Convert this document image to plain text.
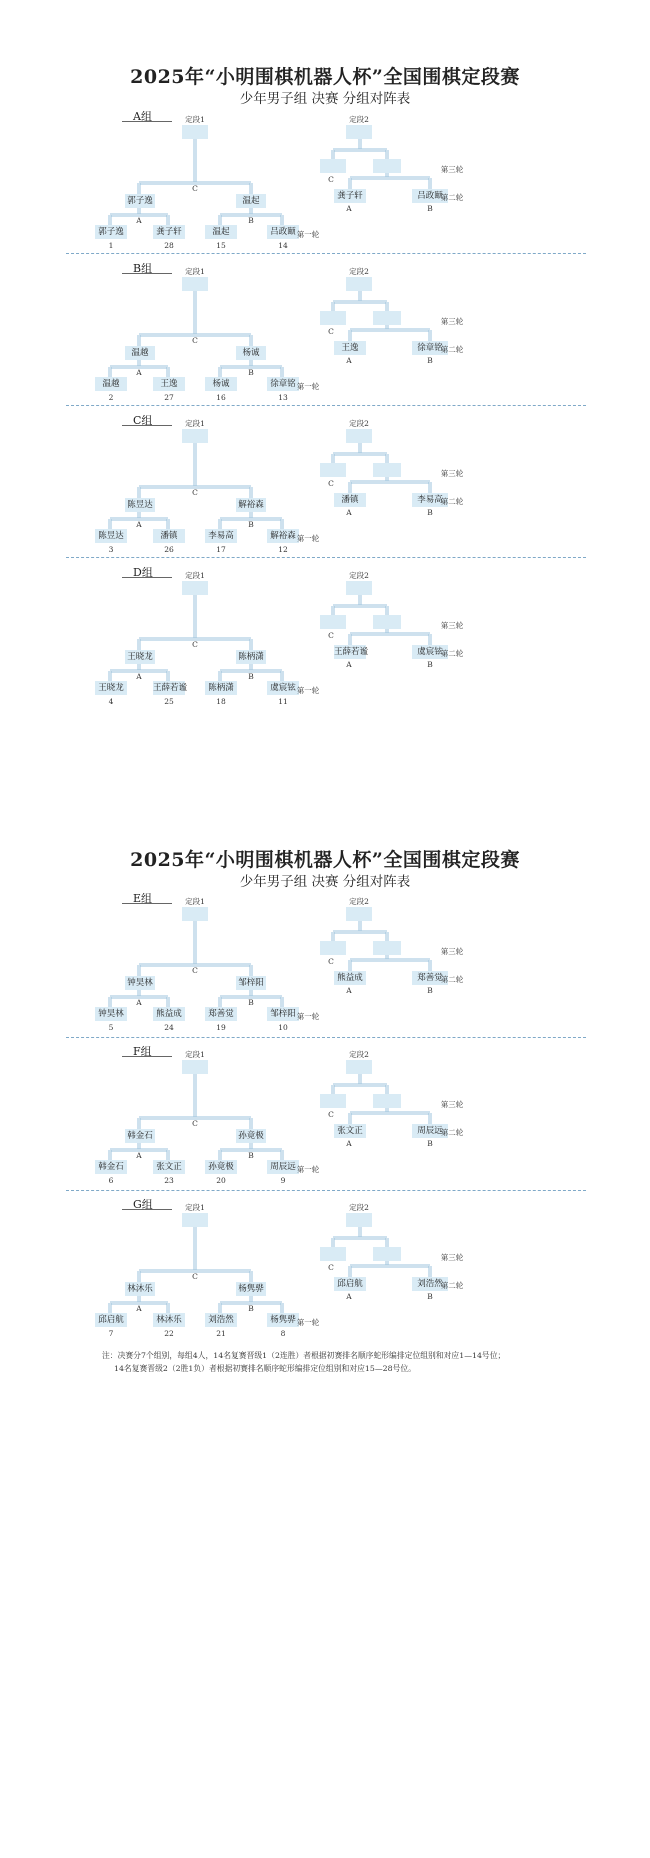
2025年“小明围棋机器人杯”全国围棋定段赛
少年男子组 决赛 分组对阵表
2025年“小明围棋机器人杯”全国围棋定段赛
少年男子组 决赛 分组对阵表
A组	定段1
C
郭子逸	温起
A	B
郭子逸
1
龚子轩
28
温起
15
吕政颐
14
第一轮
定段2
C
第三轮
龚子轩	吕政颐
A	B
第二轮
B组	定段1
C
温越	杨诚
A	B
温越
2
王逸
27
杨诚
16
徐章铭
13
第一轮
定段2
C
第三轮
王逸	徐章铭
A	B
第二轮
C组	定段1
C
陈昱达	解裕森
A	B
陈昱达
3
潘镇
26
李易高
17
解裕森
12
第一轮
定段2
C
第三轮
潘镇	李易高
A	B
第二轮
D组	定段1
C
王晓龙	陈柄潇
A	B
王晓龙
4
王薛若谧
25
陈柄潇
18
虞宸铉
11
第一轮
定段2
C
第三轮
王薛若谧	虞宸铉
A	B
第二轮
E组	定段1
C
钟昊林	邹梓阳
A	B
钟昊林
5
熊益成
24
郑善觉
19
邹梓阳
10
第一轮
定段2
C
第三轮
熊益成	郑善觉
A	B
第二轮
F组	定段1
C
韩金石	孙竟极
A	B
韩金石
6
张文正
23
孙竟极
20
周辰远
9
第一轮
定段2
C
第三轮
张文正	周辰远
A	B
第二轮
G组	定段1
C
林沐乐	杨隽骅
A	B
邱启航
7
林沐乐
22
刘浩然
21
杨隽骅
8
第一轮
定段2
C
第三轮
邱启航	刘浩然
A	B
第二轮
注：决赛分7个组别，每组4人，14名复赛晋级1（2连胜）者根据初赛排名顺序蛇形编排定位组别和对应1—14号位；
14名复赛晋级2（2胜1负）者根据初赛排名顺序蛇形编排定位组别和对应15—28号位。
